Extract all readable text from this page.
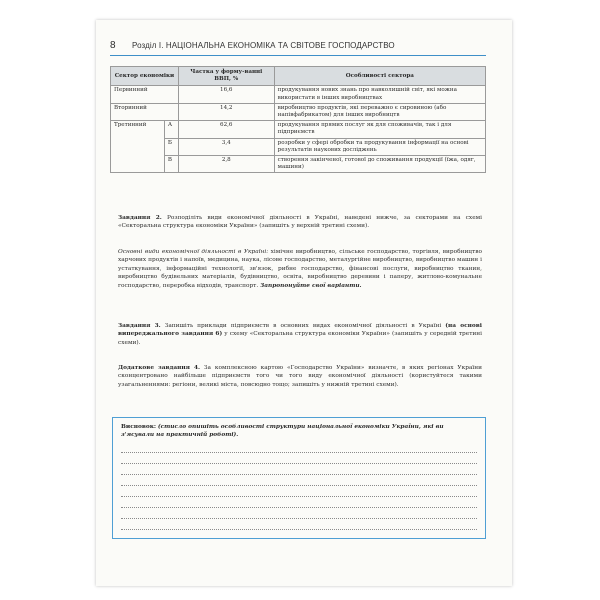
8 Розділ І. НАЦІОНАЛЬНА ЕКОНОМІКА ТА СВІТОВЕ ГОСПОДАРСТВО
Сектор економіки		Частка у форму-ванні ВВП, %	Особливості сектора
Первинний		16,6	продукування нових знань про навколишній світ, які можна використати в інших виробництвах
Вторинний		14,2	виробництво продуктів, які переважно є сировиною (або напівфабрикатом) для інших виробництв
Третинний	А	62,6	продукування прямих послуг як для споживачів, так і для підприємств
	Б	3,4	розробки у сфері обробки та продукування інформації на основі результатів наукових досліджень
	В	2,8	створення закінченої, готової до споживання продукції (їжа, одяг, машини)
Завдання 2. Розподіліть види економічної діяльності в Україні, наведені нижче, за секторами на схемі «Секторальна структура економіки України» (запишіть у верхній третині схеми).
Основні види економічної діяльності в Україні: хімічне виробництво, сільське господарство, торгівля, виробництво харчових продуктів і напоїв, медицина, наука, лісове господарство, металургійне виробництво, виробництво машин і устаткування, інформаційні технології, зв'язок, рибне господарство, фінансові послуги, виробництво тканин, виробництво будівельних матеріалів, будівництво, освіта, виробництво деревини і паперу, житлово-комунальне господарство, переробка відходів, транспорт. Запропонуйте свої варіанти.
Завдання 3. Запишіть приклади підприємств в основних видах економічної діяльності в Україні (на основі випереджального завдання 6) у схему «Секторальна структура економіки України» (запишіть у середній третині схеми).
Додаткове завдання 4. За комплексною картою «Господарство України» визначте, в яких регіонах України сконцентровано найбільше підприємств того чи того виду економічної діяльності (користуйтеся такими узагальненнями: регіони, великі міста, повсюдно тощо; запишіть у нижній третині схеми).
Висновок: (стисло опишіть особливості структури національної економіки України, які ви з'ясували на практичній роботі).
